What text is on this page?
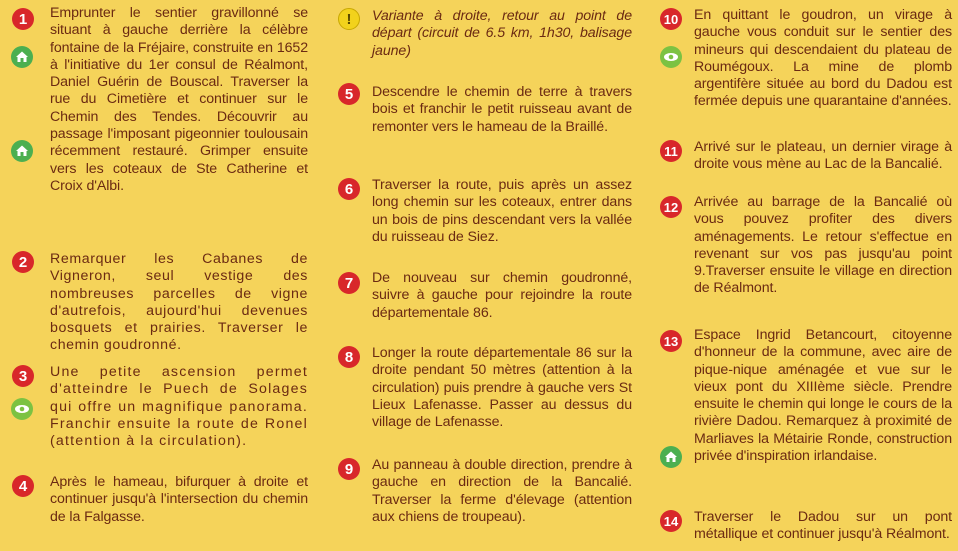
1	Emprunter le sentier gravillonné se situant à gauche derrière la célèbre fontaine de la Fréjaire, construite en 1652 à l'initiative du 1er consul de Réalmont, Daniel Guérin de Bouscal. Traverser la rue du Cimetière et continuer sur le Chemin des Tendes. Découvrir au passage l'imposant pigeonnier toulousain récemment restauré. Grimper ensuite vers les coteaux de Ste Catherine et Croix d'Albi.
2	Remarquer les Cabanes de Vigneron, seul vestige des nombreuses parcelles de vigne d'autrefois, aujourd'hui devenues bosquets et prairies. Traverser le chemin goudronné.
3	Une petite ascension permet d'atteindre le Puech de Solages qui offre un magnifique panorama. Franchir ensuite la route de Ronel (attention à la circulation).
4	Après le hameau, bifurquer à droite et continuer jusqu'à l'intersection du chemin de la Falgasse.
!	Variante à droite, retour au point de départ (circuit de 6.5 km, 1h30, balisage jaune)
5	Descendre le chemin de terre à travers bois et franchir le petit ruisseau avant de remonter vers le hameau de la Braillé.
6	Traverser la route, puis après un assez long chemin sur les coteaux, entrer dans un bois de pins descendant vers la vallée du ruisseau de Siez.
7	De nouveau sur chemin goudronné, suivre à gauche pour rejoindre la route départementale 86.
8	Longer la route départementale 86 sur la droite pendant 50 mètres (attention à la circulation) puis prendre à gauche vers St Lieux Lafenasse. Passer au dessus du village de Lafenasse.
9	Au panneau à double direction, prendre à gauche en direction de la Bancalié. Traverser la ferme d'élevage (attention aux chiens de troupeau).
10 En quittant le goudron, un virage à gauche vous conduit sur le sentier des mineurs qui descendaient du plateau de Roumégoux. La mine de plomb argentifère située au bord du Dadou est fermée depuis une quarantaine d'années.
11 Arrivé sur le plateau, un dernier virage à droite vous mène au Lac de la Bancalié.
12 Arrivée au barrage de la Bancalié où vous pouvez profiter des divers aménagements. Le retour s'effectue en revenant sur vos pas jusqu'au point 9.Traverser ensuite le village en direction de Réalmont.
13 Espace Ingrid Betancourt, citoyenne d'honneur de la commune, avec aire de pique-nique aménagée et vue sur le vieux pont du XIIIème siècle. Prendre ensuite le chemin qui longe le cours de la rivière Dadou. Remarquez à proximité de Marliaves la Métairie Ronde, construction privée d'inspiration irlandaise.
14 Traverser le Dadou sur un pont métallique et continuer jusqu'à Réalmont.
